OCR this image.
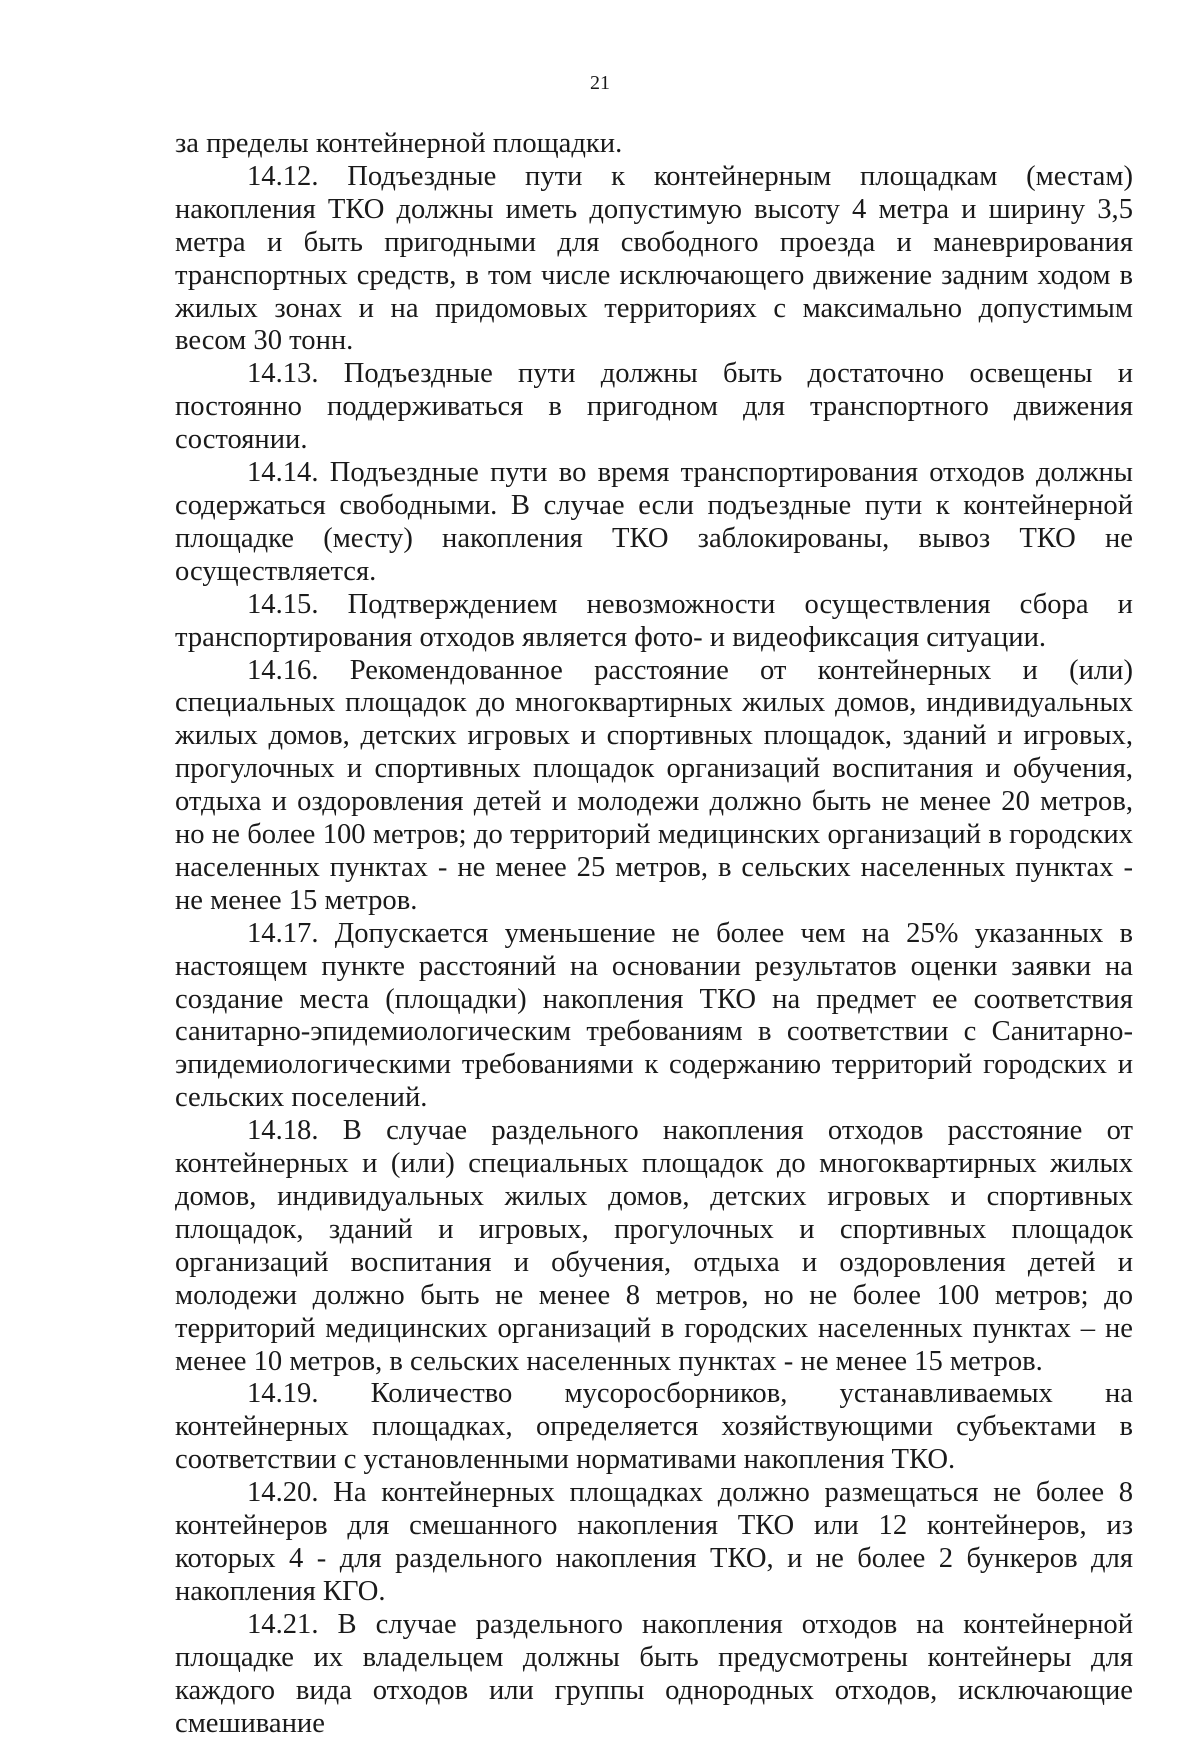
21

за пределы контейнерной площадки.

14.12. Подъездные пути к контейнерным площадкам (местам) накопления ТКО должны иметь допустимую высоту 4 метра и ширину 3,5 метра и быть пригодными для свободного проезда и маневрирования транспортных средств, в том числе исключающего движение задним ходом в жилых зонах и на придомовых территориях с максимально допустимым весом 30 тонн.

14.13. Подъездные пути должны быть достаточно освещены и постоянно поддерживаться в пригодном для транспортного движения состоянии.

14.14. Подъездные пути во время транспортирования отходов должны содержаться свободными. В случае если подъездные пути к контейнерной площадке (месту) накопления ТКО заблокированы, вывоз ТКО не осуществляется.

14.15. Подтверждением невозможности осуществления сбора и транспортирования отходов является фото- и видеофиксация ситуации.

14.16. Рекомендованное расстояние от контейнерных и (или) специальных площадок до многоквартирных жилых домов, индивидуальных жилых домов, детских игровых и спортивных площадок, зданий и игровых, прогулочных и спортивных площадок организаций воспитания и обучения, отдыха и оздоровления детей и молодежи должно быть не менее 20 метров, но не более 100 метров; до территорий медицинских организаций в городских населенных пунктах - не менее 25 метров, в сельских населенных пунктах - не менее 15 метров.

14.17. Допускается уменьшение не более чем на 25% указанных в настоящем пункте расстояний на основании результатов оценки заявки на создание места (площадки) накопления ТКО на предмет ее соответствия санитарно-эпидемиологическим требованиям в соответствии с Санитарно-эпидемиологическими требованиями к содержанию территорий городских и сельских поселений.

14.18. В случае раздельного накопления отходов расстояние от контейнерных и (или) специальных площадок до многоквартирных жилых домов, индивидуальных жилых домов, детских игровых и спортивных площадок, зданий и игровых, прогулочных и спортивных площадок организаций воспитания и обучения, отдыха и оздоровления детей и молодежи должно быть не менее 8 метров, но не более 100 метров; до территорий медицинских организаций в городских населенных пунктах – не менее 10 метров, в сельских населенных пунктах - не менее 15 метров.

14.19. Количество мусоросборников, устанавливаемых на контейнерных площадках, определяется хозяйствующими субъектами в соответствии с установленными нормативами накопления ТКО.

14.20. На контейнерных площадках должно размещаться не более 8 контейнеров для смешанного накопления ТКО или 12 контейнеров, из которых 4 - для раздельного накопления ТКО, и не более 2 бункеров для накопления КГО.

14.21. В случае раздельного накопления отходов на контейнерной площадке их владельцем должны быть предусмотрены контейнеры для каждого вида отходов или группы однородных отходов, исключающие смешивание
